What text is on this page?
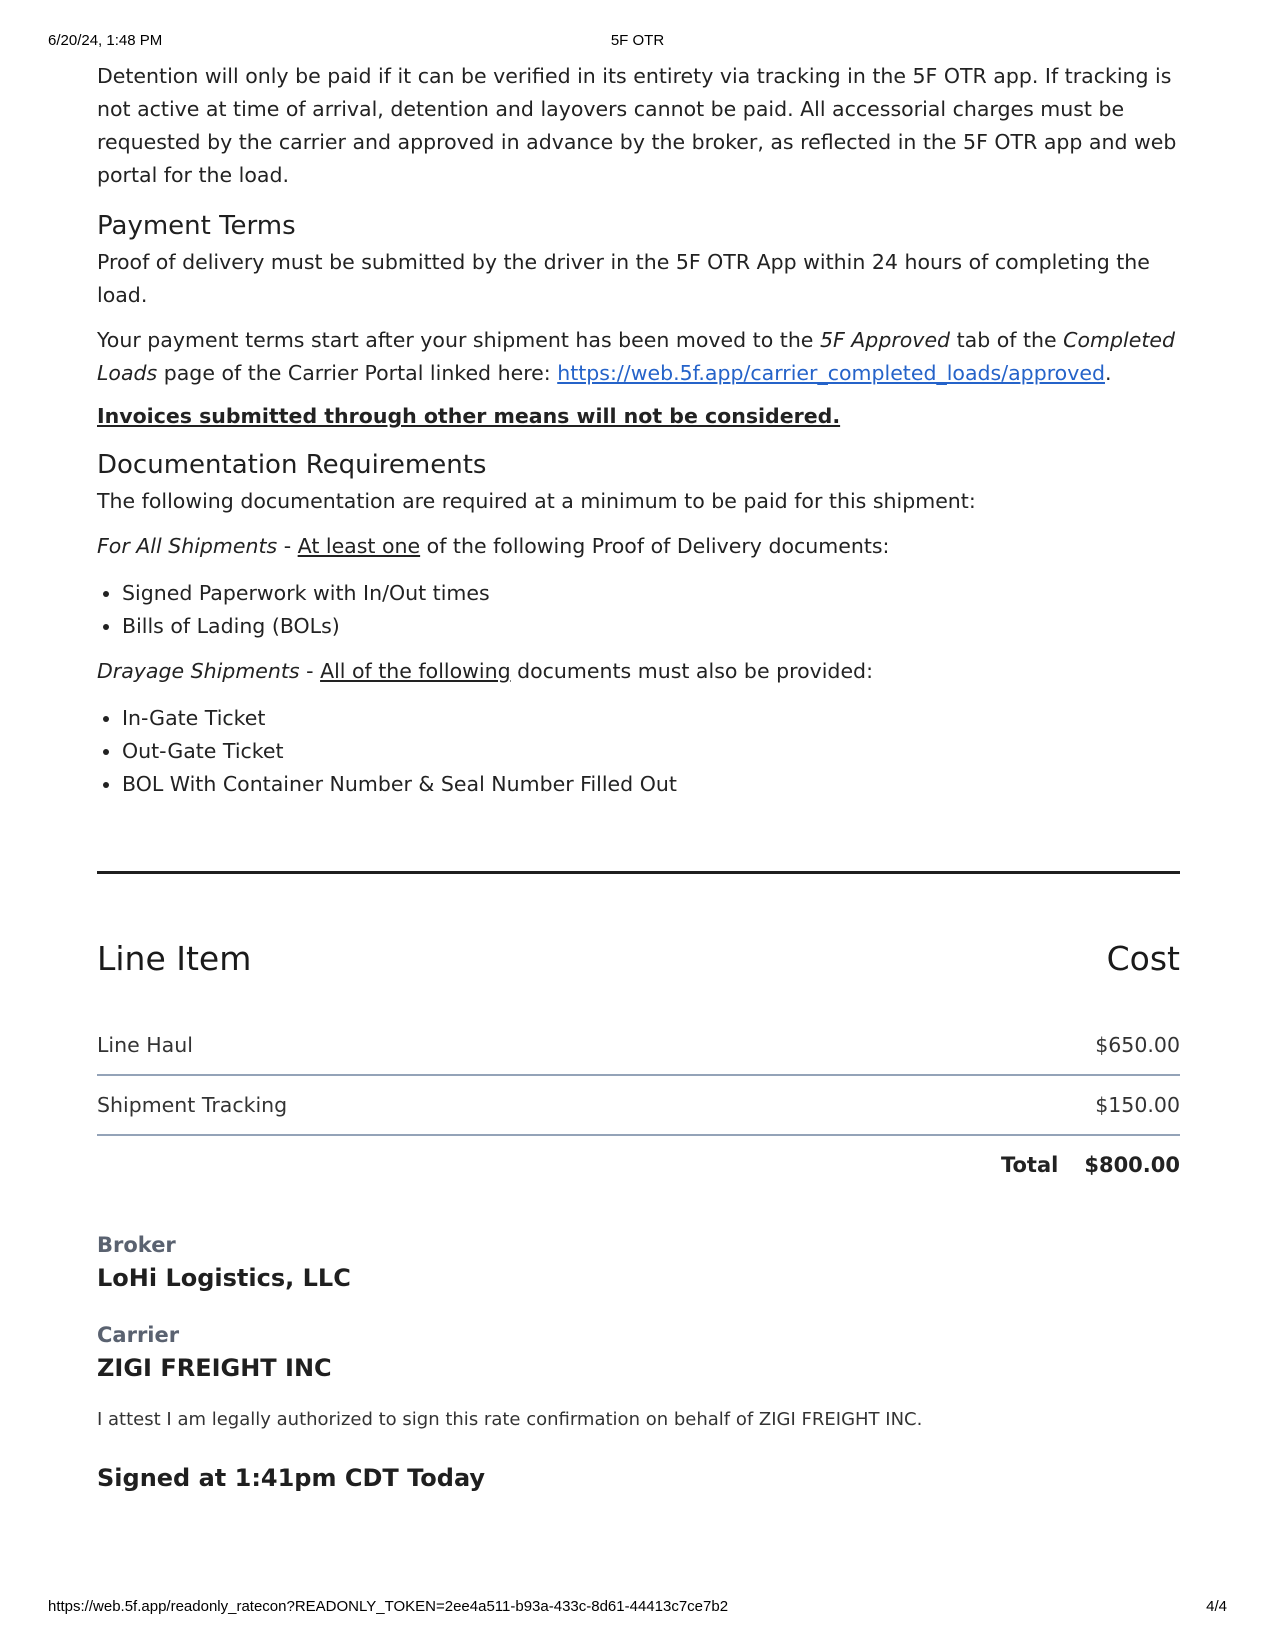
6/20/24, 1:48 PM	5F OTR

Detention will only be paid if it can be verified in its entirety via tracking in the 5F OTR app. If tracking is not active at time of arrival, detention and layovers cannot be paid. All accessorial charges must be requested by the carrier and approved in advance by the broker, as reflected in the 5F OTR app and web portal for the load.

Payment Terms

Proof of delivery must be submitted by the driver in the 5F OTR App within 24 hours of completing the load.

Your payment terms start after your shipment has been moved to the 5F Approved tab of the Completed Loads page of the Carrier Portal linked here: https://web.5f.app/carrier_completed_loads/approved.

Invoices submitted through other means will not be considered.

Documentation Requirements

The following documentation are required at a minimum to be paid for this shipment:

For All Shipments - At least one of the following Proof of Delivery documents:

• Signed Paperwork with In/Out times
• Bills of Lading (BOLs)

Drayage Shipments - All of the following documents must also be provided:

• In-Gate Ticket
• Out-Gate Ticket
• BOL With Container Number & Seal Number Filled Out
Line Item	Cost
Line Haul	$650.00
Shipment Tracking	$150.00
Total $800.00
Broker
LoHi Logistics, LLC
Carrier
ZIGI FREIGHT INC
I attest I am legally authorized to sign this rate confirmation on behalf of ZIGI FREIGHT INC.
Signed at 1:41pm CDT Today
https://web.5f.app/readonly_ratecon?READONLY_TOKEN=2ee4a511-b93a-433c-8d61-44413c7ce7b2	4/4
